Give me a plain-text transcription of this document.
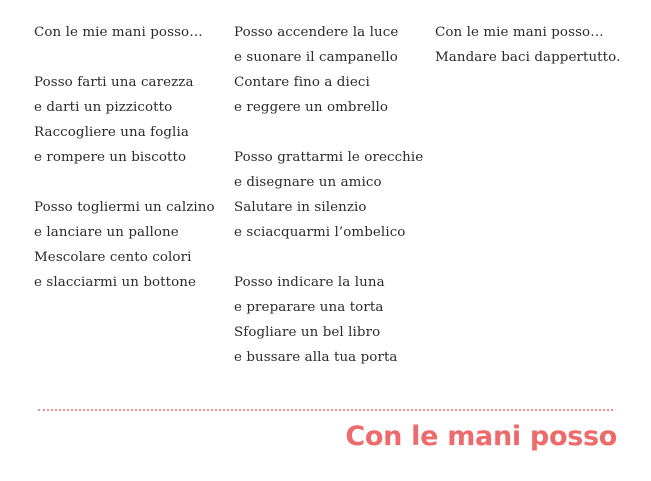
Con le mie mani posso…
Posso farti una carezza
e darti un pizzicotto
Raccogliere una foglia
e rompere un biscotto
Posso togliermi un calzino
e lanciare un pallone
Mescolare cento colori
e slacciarmi un bottone
Posso accendere la luce
e suonare il campanello
Contare fino a dieci
e reggere un ombrello
Posso grattarmi le orecchie
e disegnare un amico
Salutare in silenzio
e sciacquarmi l’ombelico
Posso indicare la luna
e preparare una torta
Sfogliare un bel libro
e bussare alla tua porta
Con le mie mani posso…
Mandare baci dappertutto.
Con le mani posso
